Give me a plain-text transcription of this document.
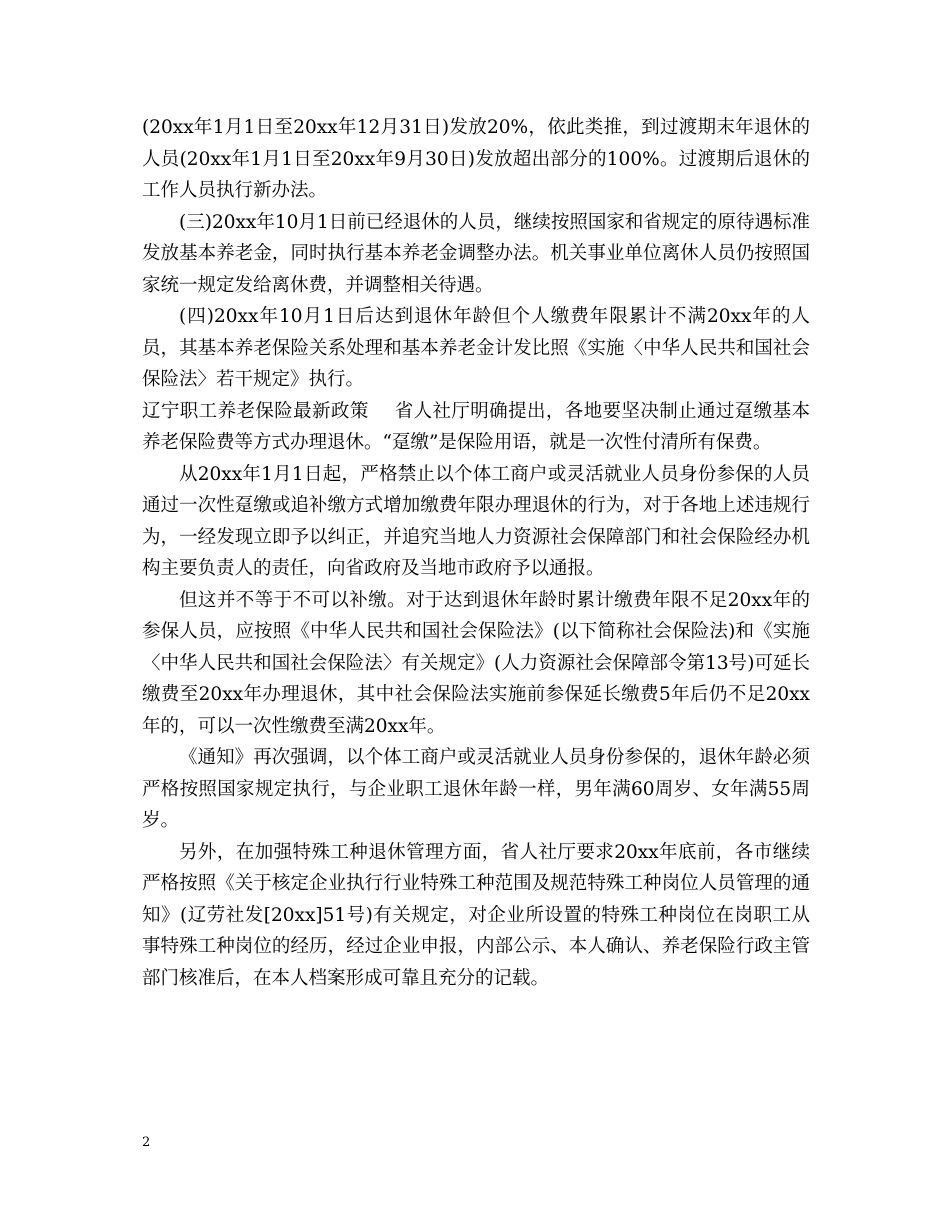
(20xx年1月1日至20xx年12月31日)发放20%，依此类推，到过渡期末年退休的人员(20xx年1月1日至20xx年9月30日)发放超出部分的100%。过渡期后退休的工作人员执行新办法。

(三)20xx年10月1日前已经退休的人员，继续按照国家和省规定的原待遇标准发放基本养老金，同时执行基本养老金调整办法。机关事业单位离休人员仍按照国家统一规定发给离休费，并调整相关待遇。

(四)20xx年10月1日后达到退休年龄但个人缴费年限累计不满20xx年的人员，其基本养老保险关系处理和基本养老金计发比照《实施〈中华人民共和国社会保险法〉若干规定》执行。

辽宁职工养老保险最新政策 省人社厅明确提出，各地要坚决制止通过趸缴基本养老保险费等方式办理退休。“趸缴”是保险用语，就是一次性付清所有保费。

从20xx年1月1日起，严格禁止以个体工商户或灵活就业人员身份参保的人员通过一次性趸缴或追补缴方式增加缴费年限办理退休的行为，对于各地上述违规行为，一经发现立即予以纠正，并追究当地人力资源社会保障部门和社会保险经办机构主要负责人的责任，向省政府及当地市政府予以通报。

但这并不等于不可以补缴。对于达到退休年龄时累计缴费年限不足20xx年的参保人员，应按照《中华人民共和国社会保险法》(以下简称社会保险法)和《实施〈中华人民共和国社会保险法〉有关规定》(人力资源社会保障部令第13号)可延长缴费至20xx年办理退休，其中社会保险法实施前参保延长缴费5年后仍不足20xx年的，可以一次性缴费至满20xx年。

《通知》再次强调，以个体工商户或灵活就业人员身份参保的，退休年龄必须严格按照国家规定执行，与企业职工退休年龄一样，男年满60周岁、女年满55周岁。

另外，在加强特殊工种退休管理方面，省人社厅要求20xx年底前，各市继续严格按照《关于核定企业执行行业特殊工种范围及规范特殊工种岗位人员管理的通知》(辽劳社发[20xx]51号)有关规定，对企业所设置的特殊工种岗位在岗职工从事特殊工种岗位的经历，经过企业申报，内部公示、本人确认、养老保险行政主管部门核准后，在本人档案形成可靠且充分的记载。

2
